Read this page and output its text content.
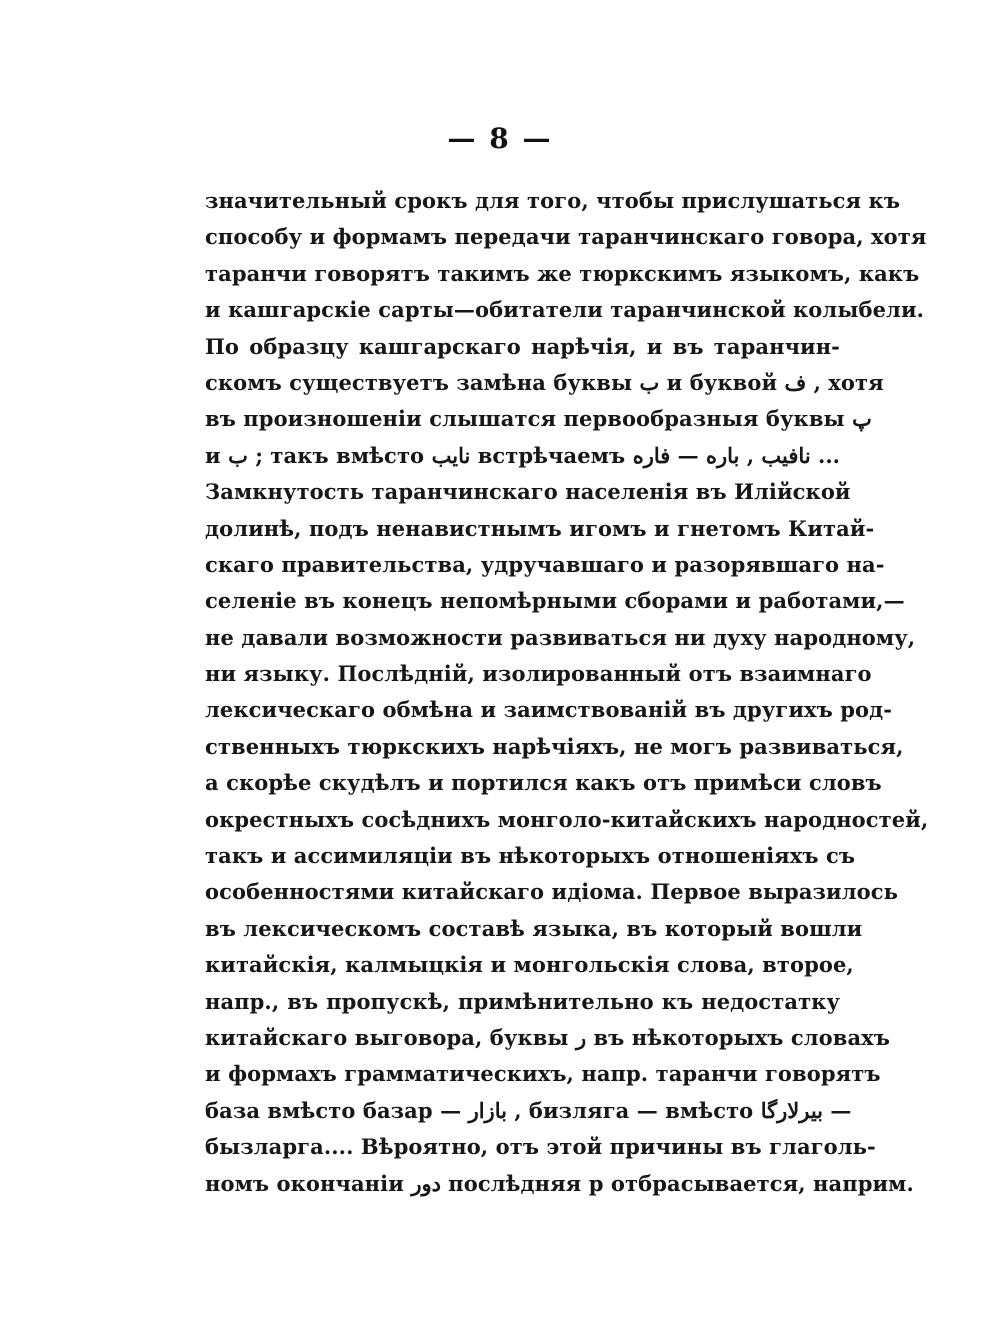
— 8 —
значительный срокъ для того, чтобы прислушаться къ
способу и формамъ передачи таранчинскаго говора, хотя
таранчи говорятъ такимъ же тюркскимъ языкомъ, какъ
и кашгарскіе сарты—обитатели таранчинской колыбели.
По образцу кашгарскаго нарѣчія, и въ таранчин-
скомъ существуетъ замѣна буквы ب и буквой ف , хотя
въ произношеніи слышатся первообразныя буквы پ
и ب ; такъ вмѣсто نايب встрѣчаемъ نافيب , باره — فاره ...
Замкнутость таранчинскаго населенія въ Илійской
долинѣ, подъ ненавистнымъ игомъ и гнетомъ Китай-
скаго правительства, удручавшаго и разорявшаго на-
селеніе въ конецъ непомѣрными сборами и работами,—
не давали возможности развиваться ни духу народному,
ни языку. Послѣдній, изолированный отъ взаимнаго
лексическаго обмѣна и заимствованій въ другихъ род-
ственныхъ тюркскихъ нарѣчіяхъ, не могъ развиваться,
а скорѣе скудѣлъ и портился какъ отъ примѣси словъ
окрестныхъ сосѣднихъ монголо-китайскихъ народностей,
такъ и ассимиляціи въ нѣкоторыхъ отношеніяхъ съ
особенностями китайскаго идіома. Первое выразилось
въ лексическомъ составѣ языка, въ который вошли
китайскія, калмыцкія и монгольскія слова, второе,
напр., въ пропускѣ, примѣнительно къ недостатку
китайскаго выговора, буквы ر въ нѣкоторыхъ словахъ
и формахъ грамматическихъ, напр. таранчи говорятъ
базa вмѣсто базар — بازار , бизляга — вмѣсто بيرلارگا —
бызларга.... Вѣроятно, отъ этой причины въ глаголь-
номъ окончаніи دور послѣдняя р отбрасывается, наприм.
